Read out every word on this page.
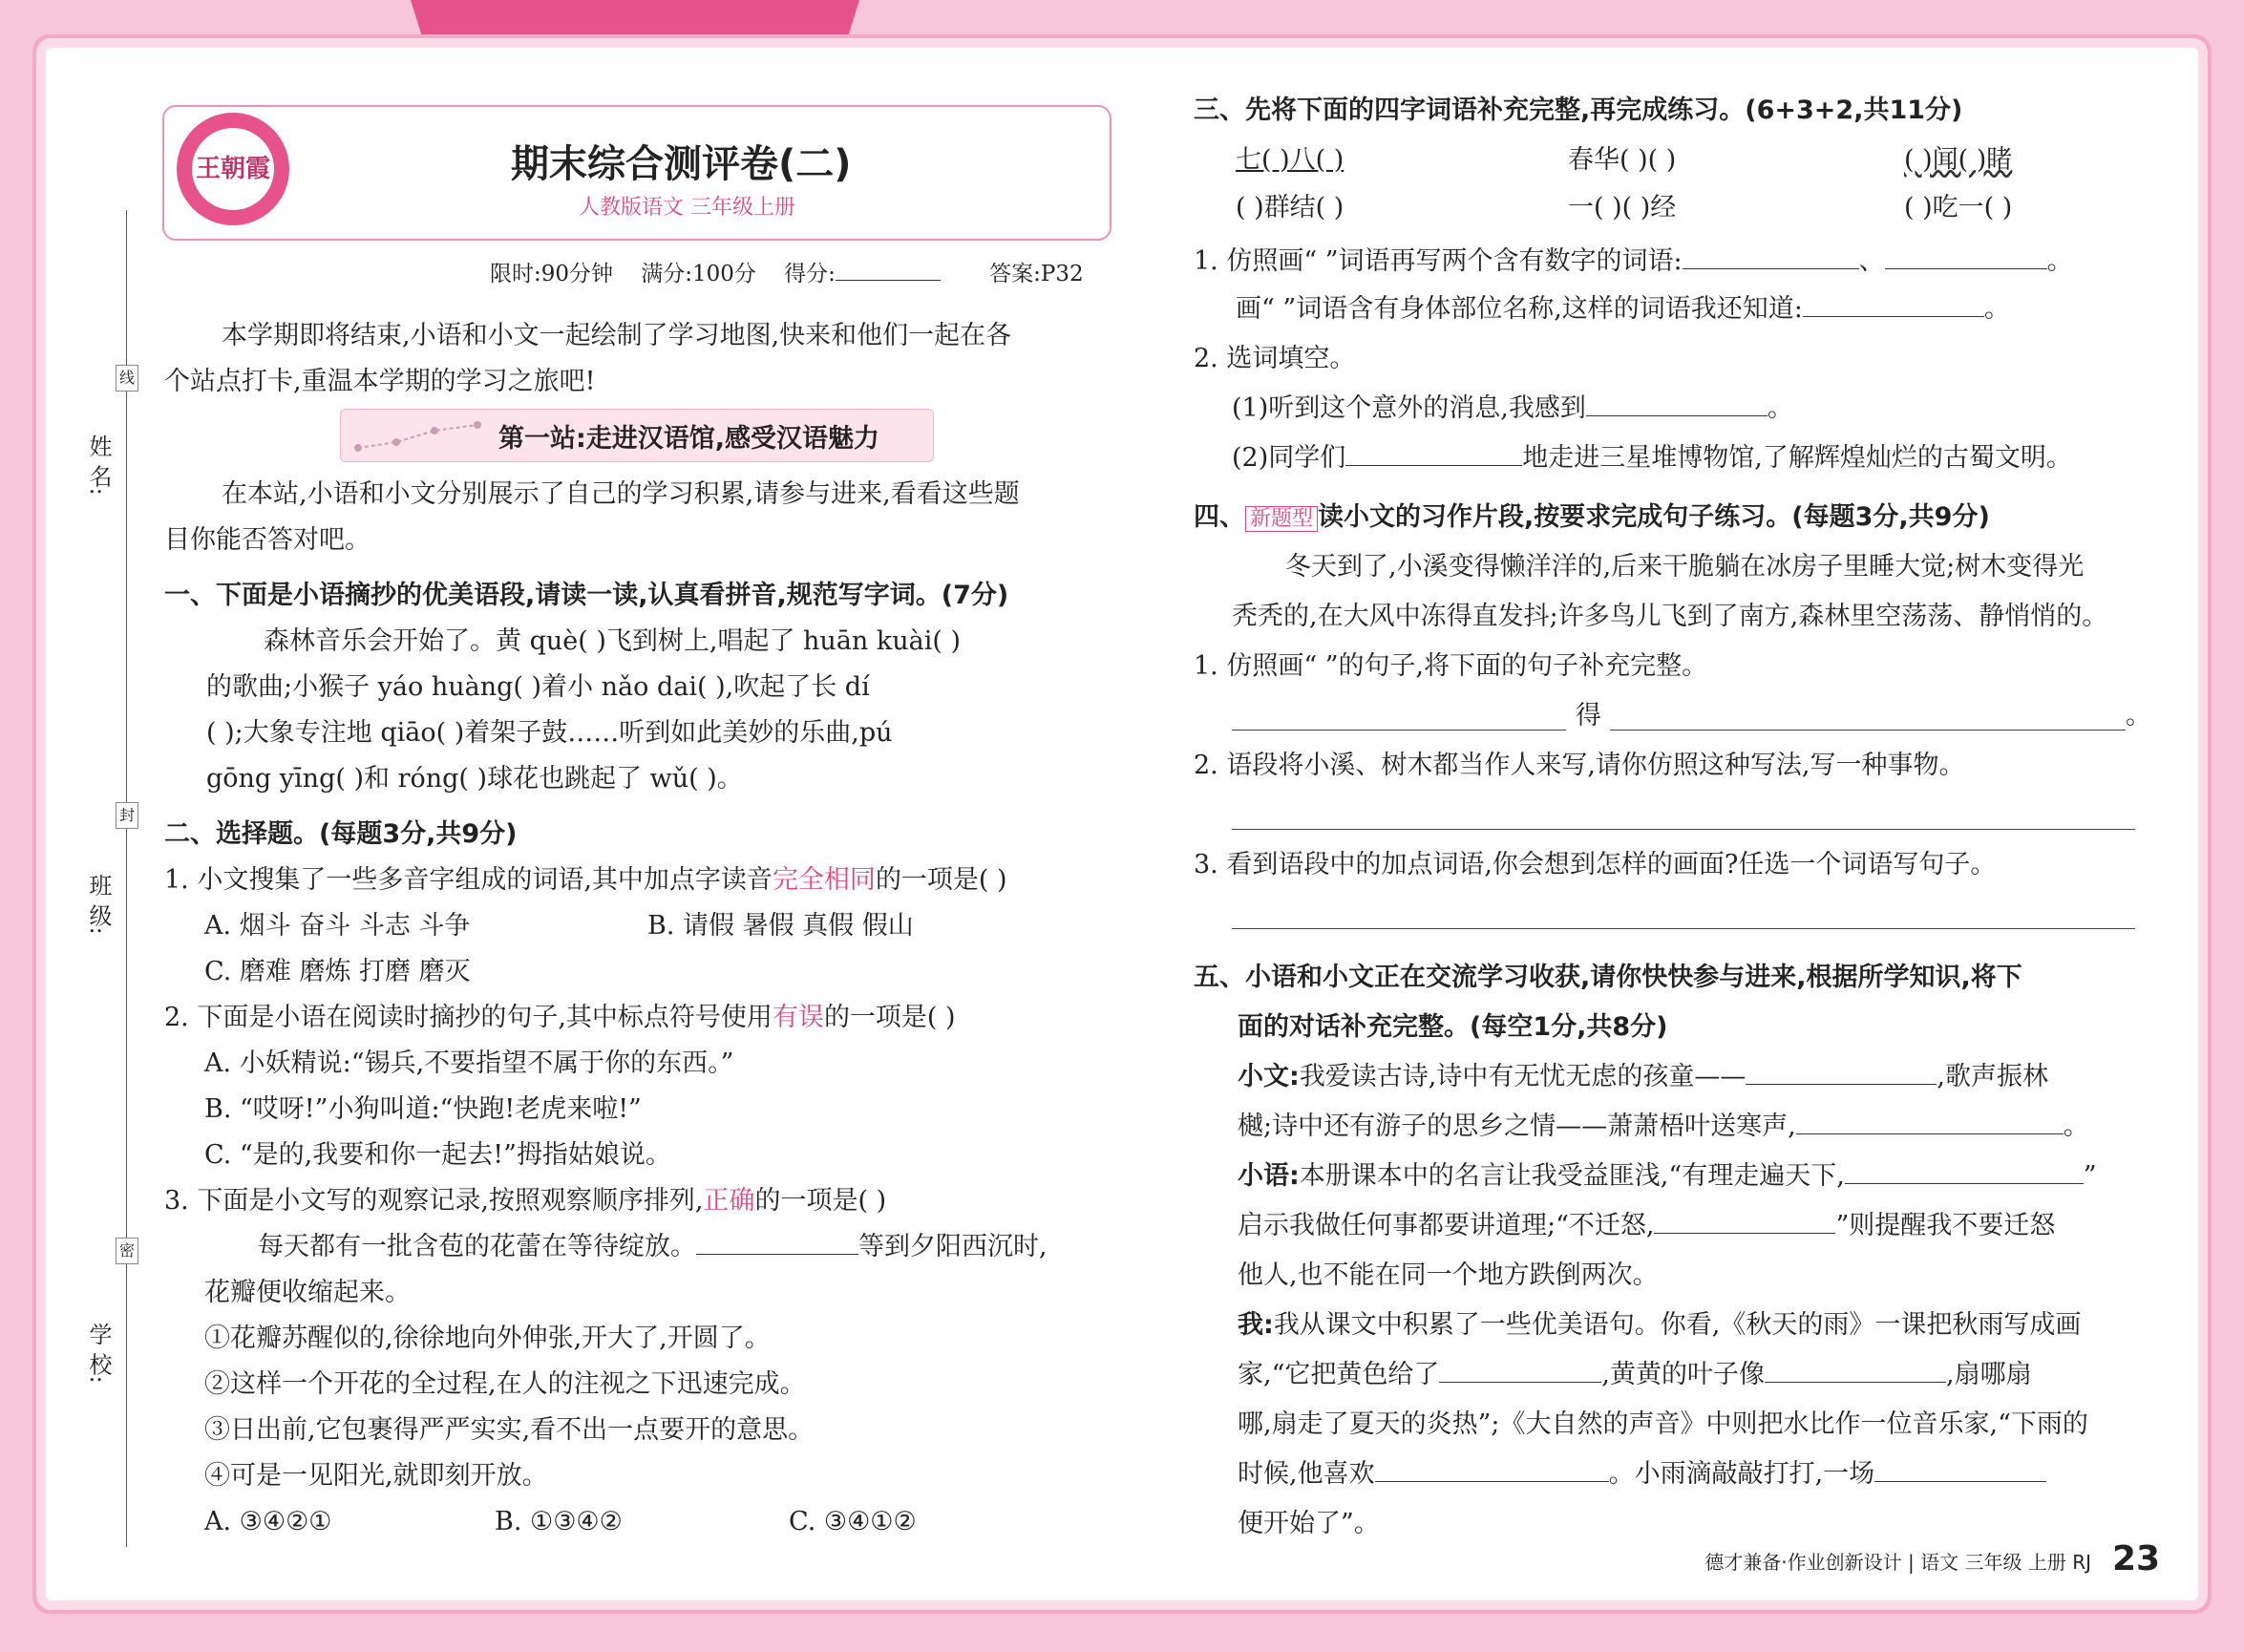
线
封
密
姓 名:
班 级:
学 校:
王朝霞	期末综合测评卷(二)
人教版语文 三年级上册
限时:90分钟 满分:100分 得分:	答案:P32
本学期即将结束,小语和小文一起绘制了学习地图,快来和他们一起在各
个站点打卡,重温本学期的学习之旅吧!
第一站:走进汉语馆,感受汉语魅力
在本站,小语和小文分别展示了自己的学习积累,请参与进来,看看这些题
目你能否答对吧。
一、下面是小语摘抄的优美语段,请读一读,认真看拼音,规范写字词。(7分)
森林音乐会开始了。黄 què( )飞到树上,唱起了 huān kuài( )
的歌曲;小猴子 yáo huàng( )着小 nǎo dai( ),吹起了长 dí
( );大象专注地 qiāo( )着架子鼓……听到如此美妙的乐曲,pú
gōng yīng( )和 róng( )球花也跳起了 wǔ( )。
二、选择题。(每题3分,共9分)
1. 小文搜集了一些多音字组成的词语,其中加点字读音完全相同的一项是( )
A. 烟斗 奋斗 斗志 斗争	B. 请假 暑假 真假 假山
C. 磨难 磨炼 打磨 磨灭
2. 下面是小语在阅读时摘抄的句子,其中标点符号使用有误的一项是( )
A. 小妖精说:“锡兵,不要指望不属于你的东西。”
B. “哎呀!”小狗叫道:“快跑!老虎来啦!”
C. “是的,我要和你一起去!”拇指姑娘说。
3. 下面是小文写的观察记录,按照观察顺序排列,正确的一项是( )
每天都有一批含苞的花蕾在等待绽放。	等到夕阳西沉时,
花瓣便收缩起来。
①花瓣苏醒似的,徐徐地向外伸张,开大了,开圆了。
②这样一个开花的全过程,在人的注视之下迅速完成。
③日出前,它包裹得严严实实,看不出一点要开的意思。
④可是一见阳光,就即刻开放。
A. ③④②①	B. ①③④②	C. ③④①②
三、先将下面的四字词语补充完整,再完成练习。(6+3+2,共11分)
七( )八( )	春华( )( )	( )闻( )睹
( )群结( )	一( )( )经	( )吃一( )
1. 仿照画“ ”词语再写两个含有数字的词语:	、	。
画“ ”词语含有身体部位名称,这样的词语我还知道:	。
2. 选词填空。
(1)听到这个意外的消息,我感到	。
(2)同学们	地走进三星堆博物馆,了解辉煌灿烂的古蜀文明。
四、 新题型 读小文的习作片段,按要求完成句子练习。(每题3分,共9分)
冬天到了,小溪变得懒洋洋的,后来干脆躺在冰房子里睡大觉;树木变得光
秃秃的,在大风中冻得直发抖;许多鸟儿飞到了南方,森林里空荡荡、静悄悄的。
1. 仿照画“ ”的句子,将下面的句子补充完整。
得	。
2. 语段将小溪、树木都当作人来写,请你仿照这种写法,写一种事物。
3. 看到语段中的加点词语,你会想到怎样的画面?任选一个词语写句子。
五、小语和小文正在交流学习收获,请你快快参与进来,根据所学知识,将下
面的对话补充完整。(每空1分,共8分)
小文:我爱读古诗,诗中有无忧无虑的孩童——	,歌声振林
樾;诗中还有游子的思乡之情——萧萧梧叶送寒声,	。
小语:本册课本中的名言让我受益匪浅,“有理走遍天下,	”
启示我做任何事都要讲道理;“不迁怒,	”则提醒我不要迁怒
他人,也不能在同一个地方跌倒两次。
我:我从课文中积累了一些优美语句。你看,《秋天的雨》一课把秋雨写成画
家,“它把黄色给了	,黄黄的叶子像	,扇哪扇
哪,扇走了夏天的炎热”;《大自然的声音》中则把水比作一位音乐家,“下雨的
时候,他喜欢	。小雨滴敲敲打打,一场
便开始了”。
德才兼备·作业创新设计 | 语文 三年级 上册 RJ 23
